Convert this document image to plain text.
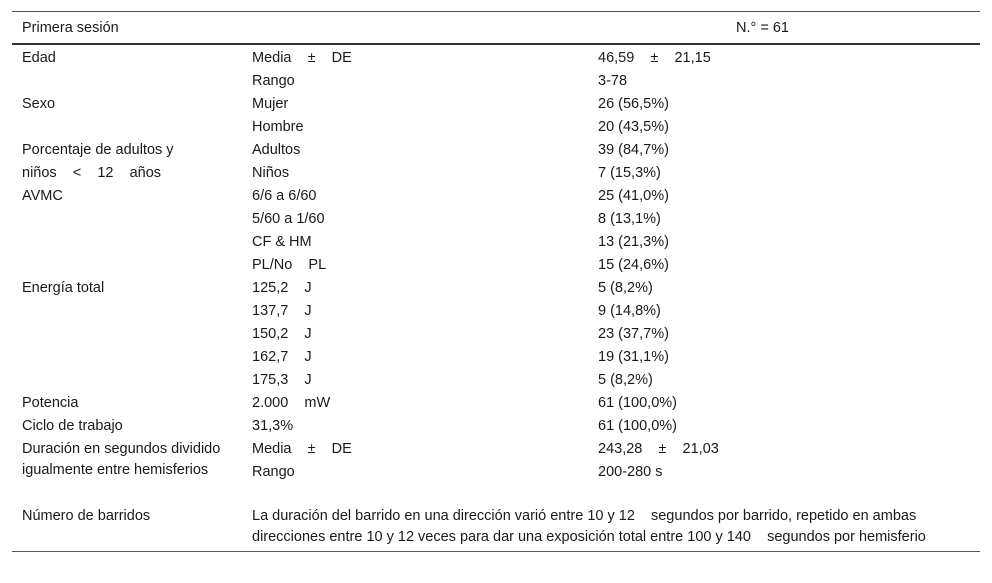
Primera sesión		N.° = 61
Edad	Media    ±    DE	46,59    ±    21,15
	Rango	3-78
Sexo	Mujer	26 (56,5%)
	Hombre	20 (43,5%)
Porcentaje de adultos y	Adultos	39 (84,7%)
niños    <    12    años	Niños	7 (15,3%)
AVMC	6/6 a 6/60	25 (41,0%)
	5/60 a 1/60	8 (13,1%)
	CF & HM	13 (21,3%)
	PL/No    PL	15 (24,6%)
Energía total	125,2    J	5 (8,2%)
	137,7    J	9 (14,8%)
	150,2    J	23 (37,7%)
	162,7    J	19 (31,1%)
	175,3    J	5 (8,2%)
Potencia	2.000    mW	61 (100,0%)
Ciclo de trabajo	31,3%	61 (100,0%)
Duración en segundos dividido igualmente entre hemisferios	Media    ±    DE	243,28    ±    21,03
	Rango	200-280 s
Número de barridos	La duración del barrido en una dirección varió entre 10 y 12    segundos por barrido, repetido en ambas direcciones entre 10 y 12 veces para dar una exposición total entre 100 y 140    segundos por hemisferio	
